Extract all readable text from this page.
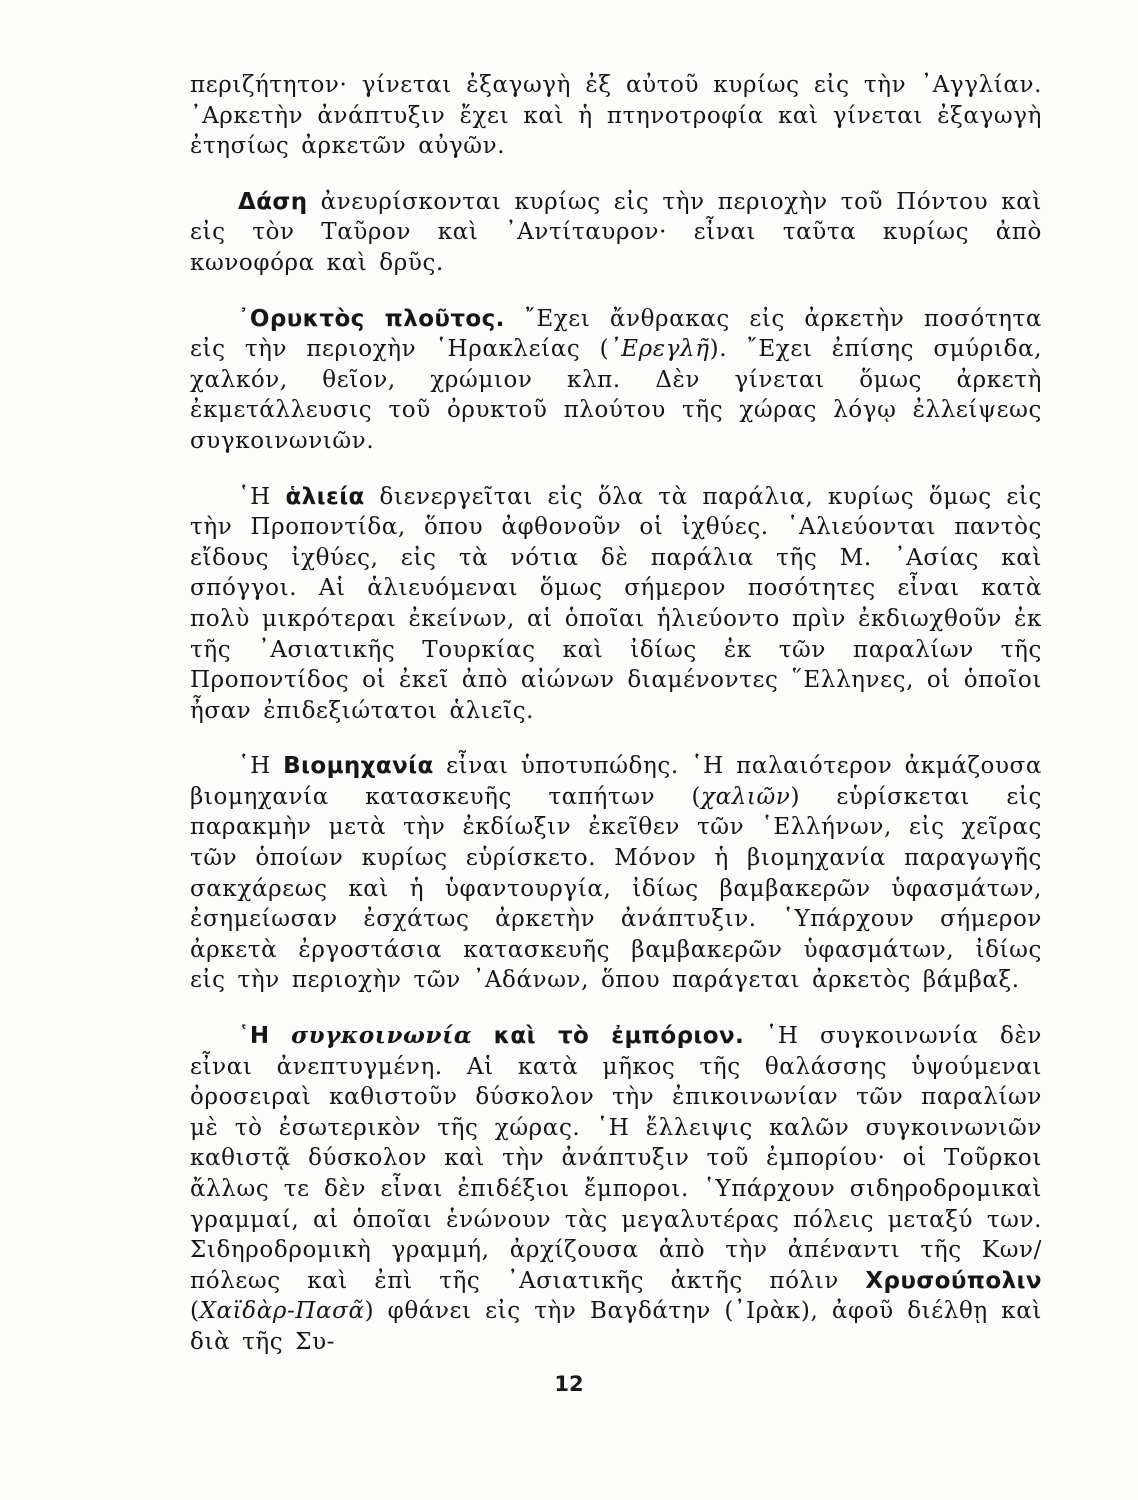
περιζήτητον· γίνεται ἐξαγωγὴ ἐξ αὐτοῦ κυρίως εἰς τὴν ᾿Αγγλίαν. ᾿Αρκετὴν ἀνάπτυξιν ἔχει καὶ ἡ πτηνοτροφία καὶ γίνεται ἐξαγωγὴ ἐτησίως ἀρκετῶν αὐγῶν.

Δάση ἀνευρίσκονται κυρίως εἰς τὴν περιοχὴν τοῦ Πόντου καὶ εἰς τὸν Ταῦρον καὶ ᾿Αντίταυρον· εἶναι ταῦτα κυρίως ἀπὸ κωνοφόρα καὶ δρῦς.

᾿Ορυκτὸς πλοῦτος. ῎Εχει ἄνθρακας εἰς ἀρκετὴν ποσότητα εἰς τὴν περιοχὴν ῾Ηρακλείας (᾿Ερεγλῆ). ῎Εχει ἐπίσης σμύριδα, χαλκόν, θεῖον, χρώμιον κλπ. Δὲν γίνεται ὅμως ἀρκετὴ ἐκμετάλλευσις τοῦ ὀρυκτοῦ πλούτου τῆς χώρας λόγῳ ἐλλείψεως συγκοινωνιῶν.

῾Η ἁλιεία διενεργεῖται εἰς ὅλα τὰ παράλια, κυρίως ὅμως εἰς τὴν Προποντίδα, ὅπου ἀφθονοῦν οἱ ἰχθύες. ῾Αλιεύονται παντὸς εἴδους ἰχθύες, εἰς τὰ νότια δὲ παράλια τῆς Μ. ᾿Ασίας καὶ σπόγγοι. Αἱ ἁλιευόμεναι ὅμως σήμερον ποσότητες εἶναι κατὰ πολὺ μικρότεραι ἐκείνων, αἱ ὁποῖαι ἡλιεύοντο πρὶν ἐκδιωχθοῦν ἐκ τῆς ᾿Ασιατικῆς Τουρκίας καὶ ἰδίως ἐκ τῶν παραλίων τῆς Προποντίδος οἱ ἐκεῖ ἀπὸ αἰώνων διαμένοντες ῞Ελληνες, οἱ ὁποῖοι ἦσαν ἐπιδεξιώτατοι ἁλιεῖς.

῾Η Βιομηχανία εἶναι ὑποτυπώδης. ῾Η παλαιότερον ἀκμάζουσα βιομηχανία κατασκευῆς ταπήτων (χαλιῶν) εὑρίσκεται εἰς παρακμὴν μετὰ τὴν ἐκδίωξιν ἐκεῖθεν τῶν ῾Ελλήνων, εἰς χεῖρας τῶν ὁποίων κυρίως εὑρίσκετο. Μόνον ἡ βιομηχανία παραγωγῆς σακχάρεως καὶ ἡ ὑφαντουργία, ἰδίως βαμβακερῶν ὑφασμάτων, ἐσημείωσαν ἐσχάτως ἀρκετὴν ἀνάπτυξιν. ῾Υπάρχουν σήμερον ἀρκετὰ ἐργοστάσια κατασκευῆς βαμβακερῶν ὑφασμάτων, ἰδίως εἰς τὴν περιοχὴν τῶν ᾿Αδάνων, ὅπου παράγεται ἀρκετὸς βάμβαξ.

῾Η συγκοινωνία καὶ τὸ ἐμπόριον. ῾Η συγκοινωνία δὲν εἶναι ἀνεπτυγμένη. Αἱ κατὰ μῆκος τῆς θαλάσσης ὑψούμεναι ὀροσειραὶ καθιστοῦν δύσκολον τὴν ἐπικοινωνίαν τῶν παραλίων μὲ τὸ ἐσωτερικὸν τῆς χώρας. ῾Η ἔλλειψις καλῶν συγκοινωνιῶν καθιστᾷ δύσκολον καὶ τὴν ἀνάπτυξιν τοῦ ἐμπορίου· οἱ Τοῦρκοι ἄλλως τε δὲν εἶναι ἐπιδέξιοι ἔμποροι. ῾Υπάρχουν σιδηροδρομικαὶ γραμμαί, αἱ ὁποῖαι ἑνώνουν τὰς μεγαλυτέρας πόλεις μεταξύ των. Σιδηροδρομικὴ γραμμή, ἀρχίζουσα ἀπὸ τὴν ἀπέναντι τῆς Κων/πόλεως καὶ ἐπὶ τῆς ᾿Ασιατικῆς ἀκτῆς πόλιν Χρυσούπολιν (Χαϊδὰρ-Πασᾶ) φθάνει εἰς τὴν Βαγδάτην (᾿Ιρὰκ), ἀφοῦ διέλθῃ καὶ διὰ τῆς Συ-

12
